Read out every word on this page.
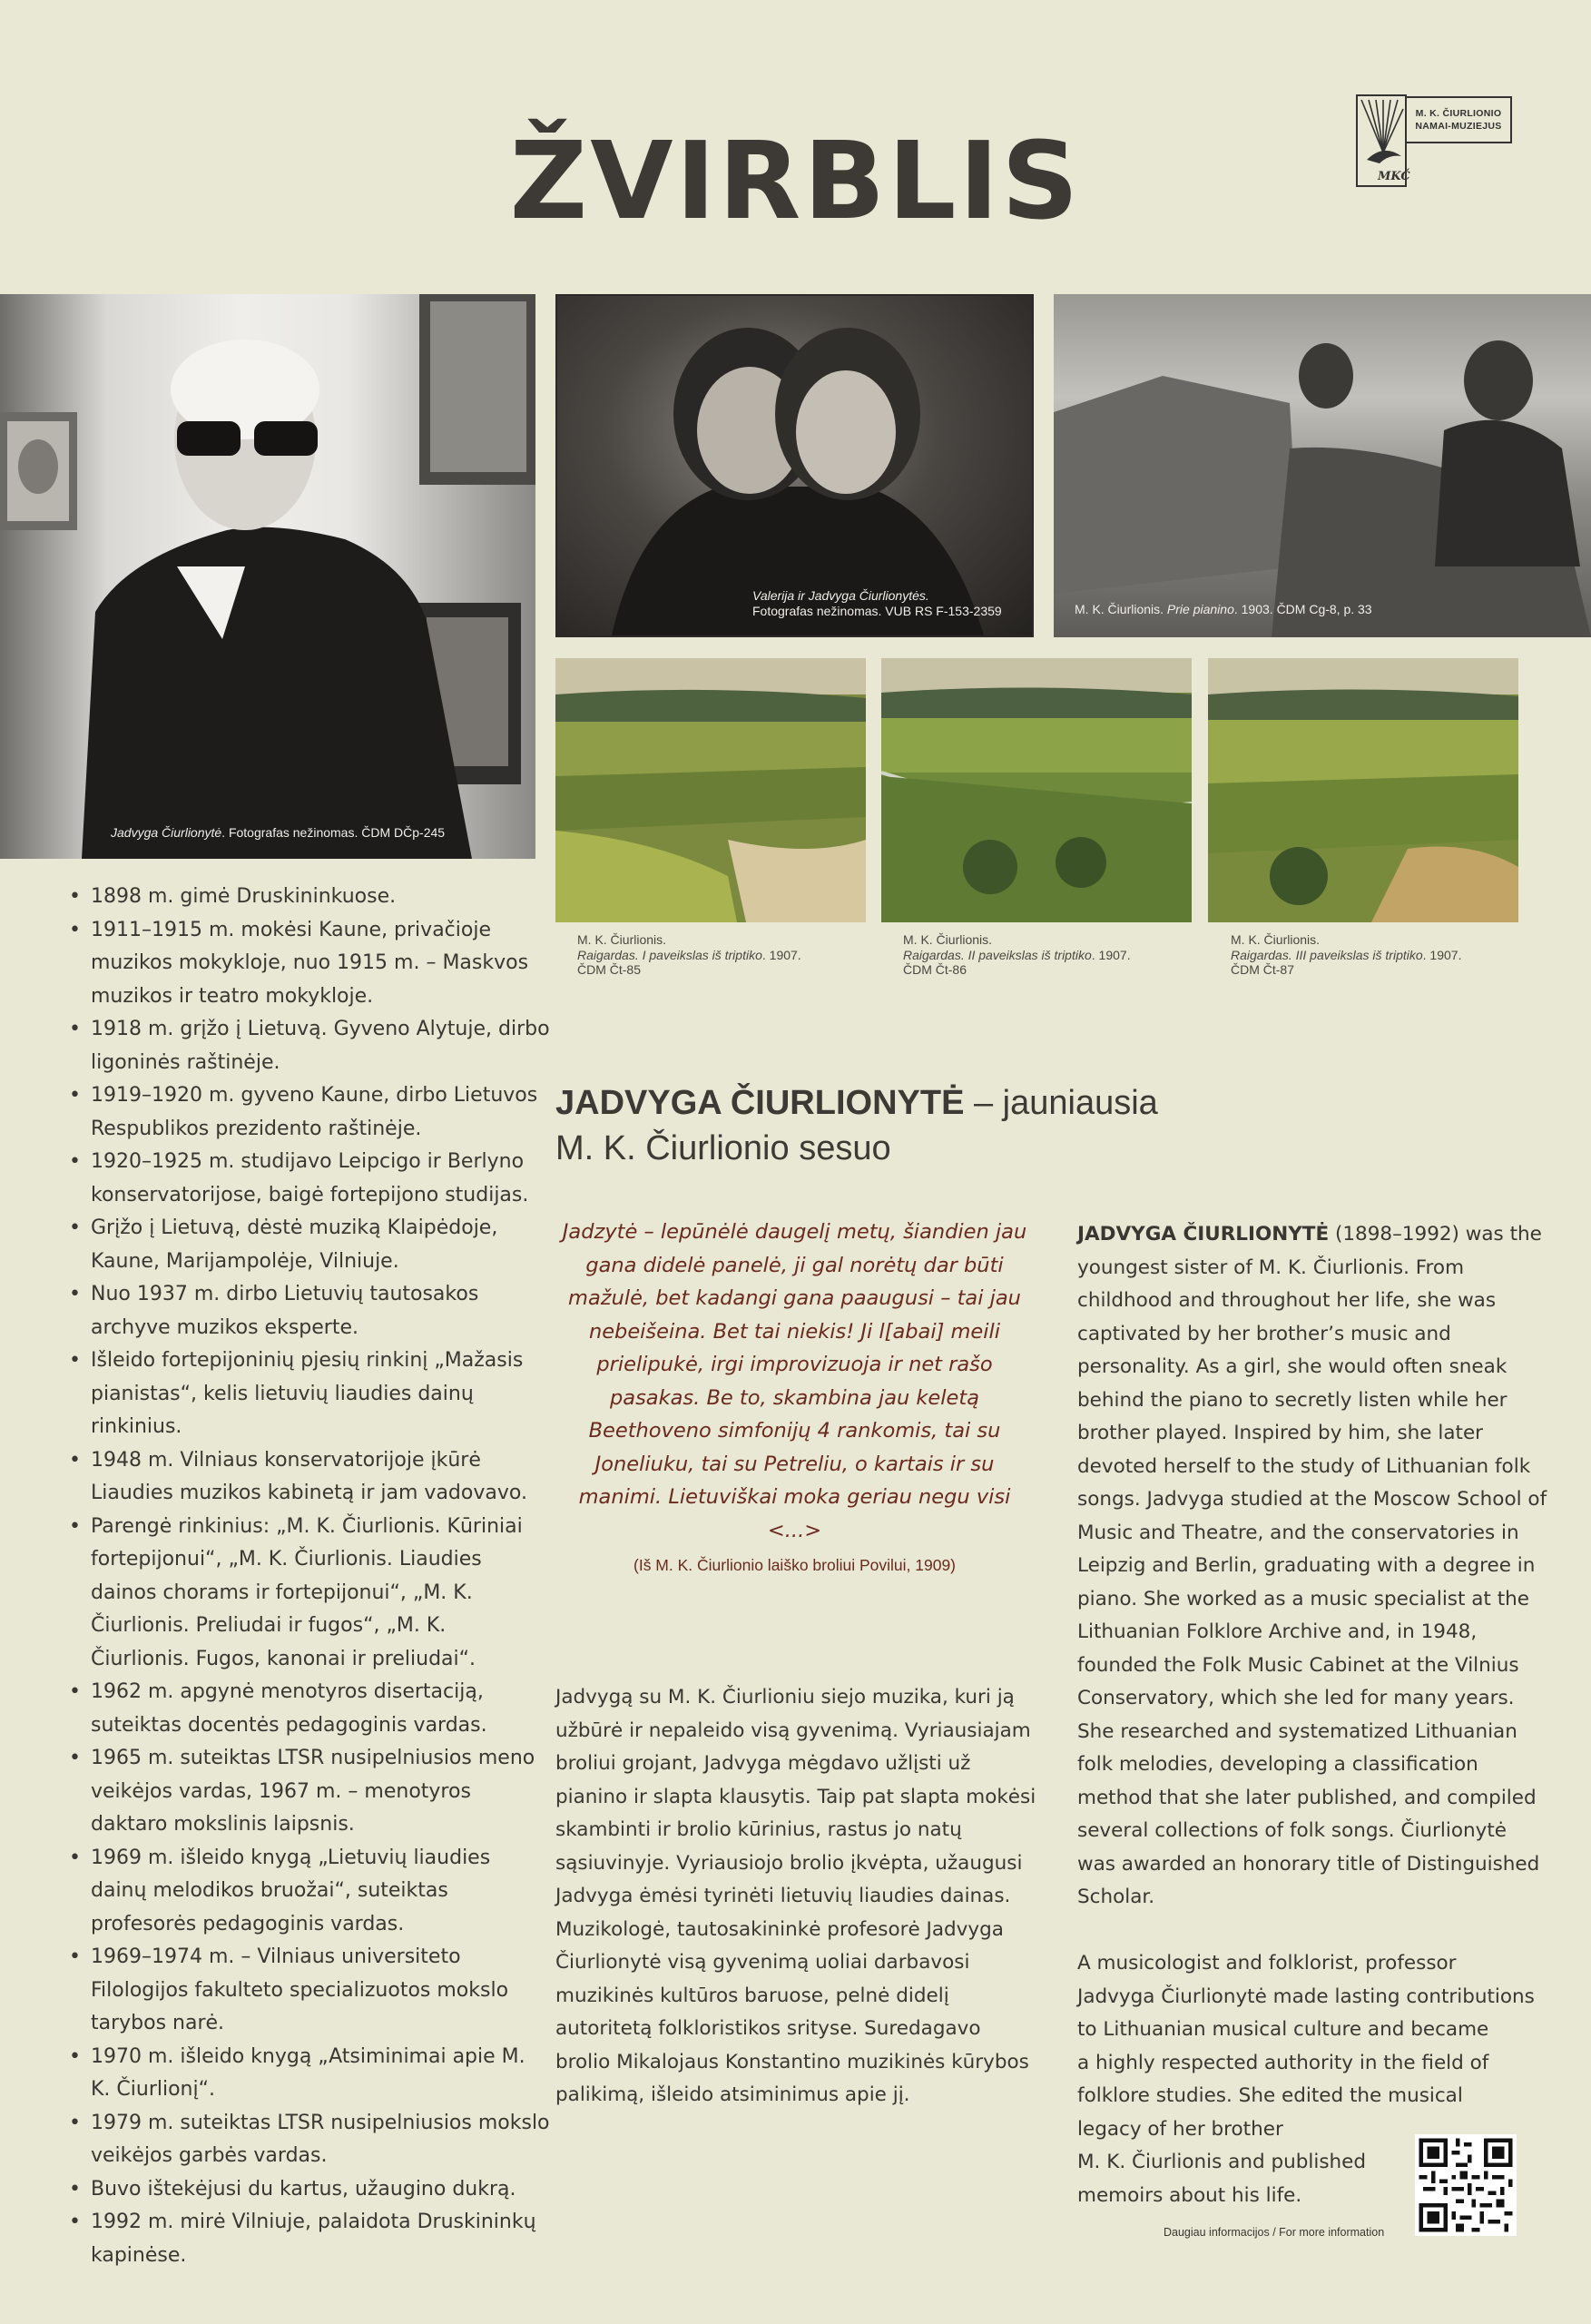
ŽVIRBLIS	MKČ
M. K. ČIURLIONIO
NAMAI-MUZIEJUS
Jadvyga Čiurlionytė. Fotografas nežinomas. ČDM DČp-245
Valerija ir Jadvyga Čiurlionytės.
Fotografas nežinomas. VUB RS F-153-2359	M. K. Čiurlionis. Prie pianino. 1903. ČDM Cg-8, p. 33
M. K. Čiurlionis.
Raigardas. I paveikslas iš triptiko. 1907.
ČDM Čt-85
M. K. Čiurlionis.
Raigardas. II paveikslas iš triptiko. 1907.
ČDM Čt-86
M. K. Čiurlionis.
Raigardas. III paveikslas iš triptiko. 1907.
ČDM Čt-87
• 1898 m. gimė Druskininkuose.
• 1911–1915 m. mokėsi Kaune, privačioje muzikos mokykloje, nuo 1915 m. – Maskvos muzikos ir teatro mokykloje.
• 1918 m. grįžo į Lietuvą. Gyveno Alytuje, dirbo ligoninės raštinėje.
• 1919–1920 m. gyveno Kaune, dirbo Lietuvos Respublikos prezidento raštinėje.
• 1920–1925 m. studijavo Leipcigo ir Berlyno konservatorijose, baigė fortepijono studijas.
• Grįžo į Lietuvą, dėstė muziką Klaipėdoje, Kaune, Marijampolėje, Vilniuje.
• Nuo 1937 m. dirbo Lietuvių tautosakos archyve muzikos eksperte.
• Išleido fortepijoninių pjesių rinkinį „Mažasis pianistas“, kelis lietuvių liaudies dainų rinkinius.
• 1948 m. Vilniaus konservatorijoje įkūrė Liaudies muzikos kabinetą ir jam vadovavo.
• Parengė rinkinius: „M. K. Čiurlionis. Kūriniai fortepijonui“, „M. K. Čiurlionis. Liaudies dainos chorams ir fortepijonui“, „M. K. Čiurlionis. Preliudai ir fugos“, „M. K. Čiurlionis. Fugos, kanonai ir preliudai“.
• 1962 m. apgynė menotyros disertaciją, suteiktas docentės pedagoginis vardas.
• 1965 m. suteiktas LTSR nusipelniusios meno veikėjos vardas, 1967 m. – menotyros daktaro mokslinis laipsnis.
• 1969 m. išleido knygą „Lietuvių liaudies dainų melodikos bruožai“, suteiktas profesorės pedagoginis vardas.
• 1969–1974 m. – Vilniaus universiteto Filologijos fakulteto specializuotos mokslo tarybos narė.
• 1970 m. išleido knygą „Atsiminimai apie M. K. Čiurlionį“.
• 1979 m. suteiktas LTSR nusipelniusios mokslo veikėjos garbės vardas.
• Buvo ištekėjusi du kartus, užaugino dukrą.
• 1992 m. mirė Vilniuje, palaidota Druskininkų kapinėse.
JADVYGA ČIURLIONYTĖ – jauniausia
M. K. Čiurlionio sesuo
Jadzytė – lepūnėlė daugelį metų, šiandien jau gana didelė panelė, ji gal norėtų dar būti mažulė, bet kadangi gana paaugusi – tai jau nebeišeina. Bet tai niekis! Ji l[abai] meili prielipukė, irgi improvizuoja ir net rašo pasakas. Be to, skambina jau keletą Beethoveno simfonijų 4 rankomis, tai su Joneliuku, tai su Petreliu, o kartais ir su manimi. Lietuviškai moka geriau negu visi <...>
(Iš M. K. Čiurlionio laiško broliui Povilui, 1909)
Jadvygą su M. K. Čiurlioniu siejo muzika, kuri ją užbūrė ir nepaleido visą gyvenimą. Vyriausiajam broliui grojant, Jadvyga mėgdavo užlįsti už pianino ir slapta klausytis. Taip pat slapta mokėsi skambinti ir brolio kūrinius, rastus jo natų sąsiuvinyje. Vyriausiojo brolio įkvėpta, užaugusi Jadvyga ėmėsi tyrinėti lietuvių liaudies dainas. Muzikologė, tautosakininkė profesorė Jadvyga Čiurlionytė visą gyvenimą uoliai darbavosi muzikinės kultūros baruose, pelnė didelį autoritetą folkloristikos srityse. Suredagavo brolio Mikalojaus Konstantino muzikinės kūrybos palikimą, išleido atsiminimus apie jį.
JADVYGA ČIURLIONYTĖ (1898–1992) was the youngest sister of M. K. Čiurlionis. From childhood and throughout her life, she was captivated by her brother’s music and personality. As a girl, she would often sneak behind the piano to secretly listen while her brother played. Inspired by him, she later devoted herself to the study of Lithuanian folk songs. Jadvyga studied at the Moscow School of Music and Theatre, and the conservatories in Leipzig and Berlin, graduating with a degree in piano. She worked as a music specialist at the Lithuanian Folklore Archive and, in 1948, founded the Folk Music Cabinet at the Vilnius Conservatory, which she led for many years. She researched and systematized Lithuanian folk melodies, developing a classification method that she later published, and compiled several collections of folk songs. Čiurlionytė was awarded an honorary title of Distinguished Scholar.
A musicologist and folklorist, professor
Jadvyga Čiurlionytė made lasting contributions
to Lithuanian musical culture and became
a highly respected authority in the field of
folklore studies. She edited the musical
legacy of her brother
M. K. Čiurlionis and published
memoirs about his life.
Daugiau informacijos / For more information
